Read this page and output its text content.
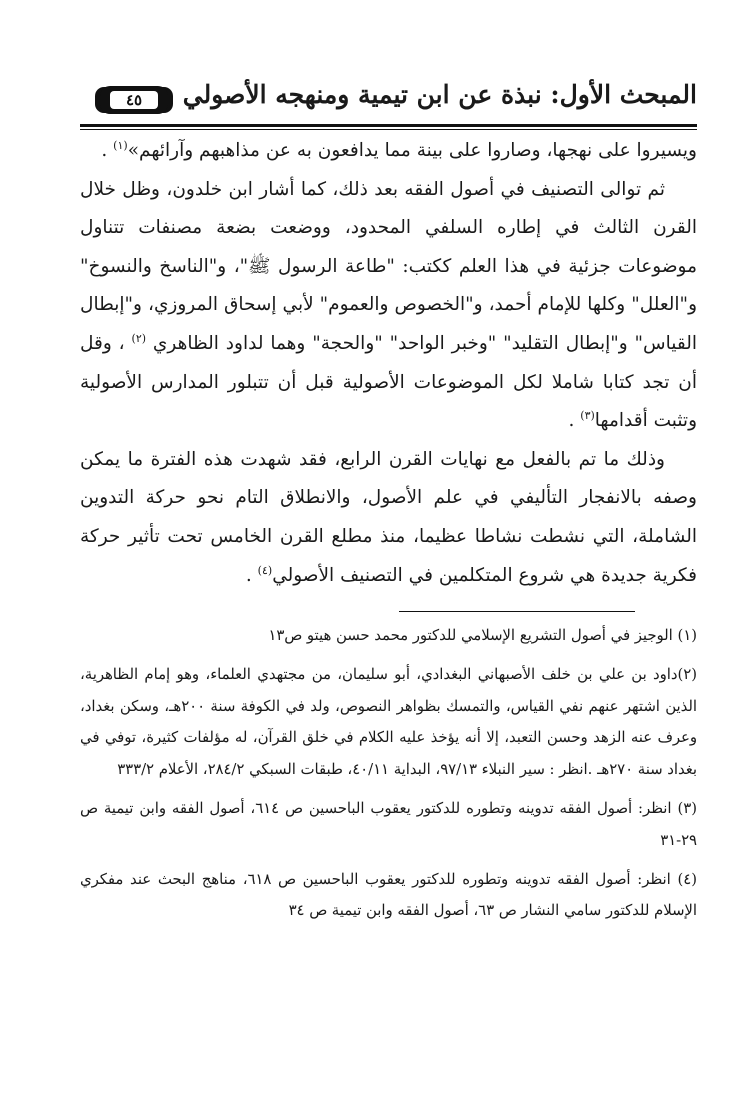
٤٥	المبحث الأول: نبذة عن ابن تيمية ومنهجه الأصولي

ويسيروا على نهجها، وصاروا على بينة مما يدافعون به عن مذاهبهم وآرائهم»$^{(١)}$ .

ثم توالى التصنيف في أصول الفقه بعد ذلك، كما أشار ابن خلدون، وظل خلال القرن الثالث في إطاره السلفي المحدود، ووضعت بضعة مصنفات تتناول موضوعات جزئية في هذا العلم ككتب: "طاعة الرسول ﷺ"، و"الناسخ والنسوخ" و"العلل" وكلها للإمام أحمد، و"الخصوص والعموم" لأبي إسحاق المروزي، و"إبطال القياس" و"إبطال التقليد" "وخبر الواحد" "والحجة" وهما لداود الظاهري $^{(٢)}$ ، وقل أن تجد كتابا شاملا لكل الموضوعات الأصولية قبل أن تتبلور المدارس الأصولية وتثبت أقدامها$^{(٣)}$ .

وذلك ما تم بالفعل مع نهايات القرن الرابع، فقد شهدت هذه الفترة ما يمكن وصفه بالانفجار التأليفي في علم الأصول، والانطلاق التام نحو حركة التدوين الشاملة، التي نشطت نشاطا عظيما، منذ مطلع القرن الخامس تحت تأثير حركة فكرية جديدة هي شروع المتكلمين في التصنيف الأصولي$^{(٤)}$ .

(١) الوجيز في أصول التشريع الإسلامي للدكتور محمد حسن هيتو ص١٣

(٢)داود بن علي بن خلف الأصبهاني البغدادي، أبو سليمان، من مجتهدي العلماء، وهو إمام الظاهرية، الذين اشتهر عنهم نفي القياس، والتمسك بظواهر النصوص، ولد في الكوفة سنة ٢٠٠هـ، وسكن بغداد، وعرف عنه الزهد وحسن التعبد، إلا أنه يؤخذ عليه الكلام في خلق القرآن، له مؤلفات كثيرة، توفي في بغداد سنة ٢٧٠هـ .انظر : سير النبلاء ٩٧/١٣، البداية ٤٠/١١، طبقات السبكي ٢٨٤/٢، الأعلام ٣٣٣/٢

(٣) انظر: أصول الفقه تدوينه وتطوره للدكتور يعقوب الباحسين ص ٦١٤، أصول الفقه وابن تيمية ص ٢٩-٣١

(٤) انظر: أصول الفقه تدوينه وتطوره للدكتور يعقوب الباحسين ص ٦١٨، مناهج البحث عند مفكري الإسلام للدكتور سامي النشار ص ٦٣، أصول الفقه وابن تيمية ص ٣٤
